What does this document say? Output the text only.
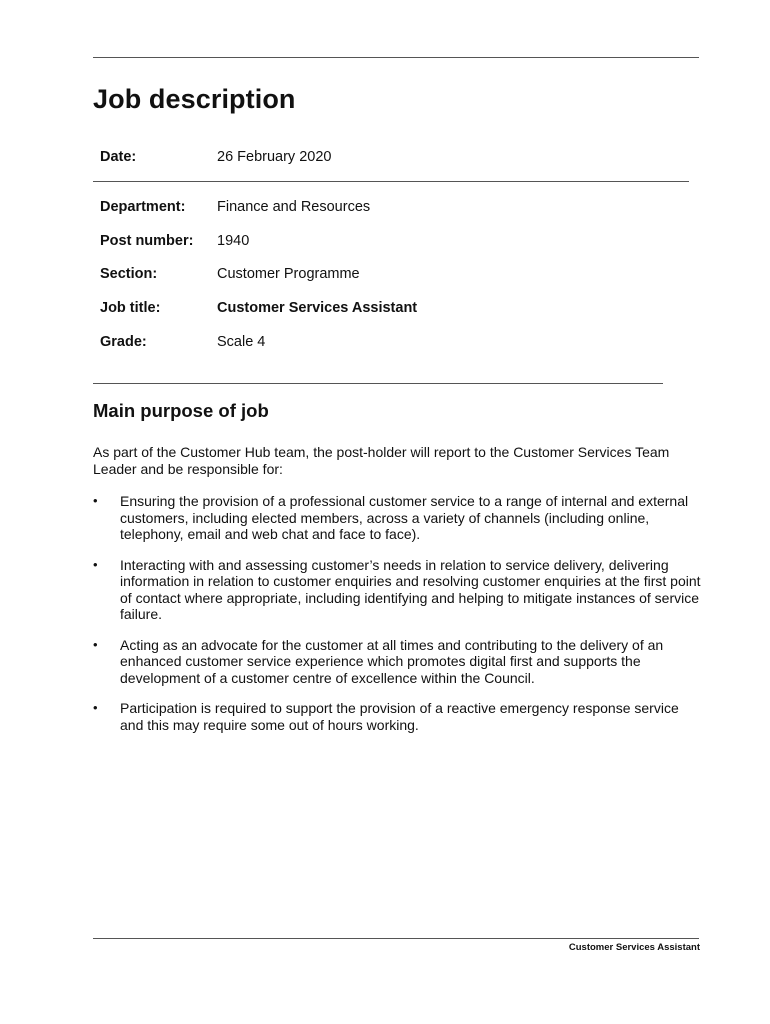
Job description
Date:	26 February 2020
Department: Finance and Resources
Post number: 1940
Section:	Customer Programme
Job title:	Customer Services Assistant
Grade:	Scale 4
Main purpose of job

As part of the Customer Hub team, the post-holder will report to the Customer Services Team Leader and be responsible for:

• Ensuring the provision of a professional customer service to a range of internal and external customers, including elected members, across a variety of channels (including online, telephony, email and web chat and face to face).
• Interacting with and assessing customer’s needs in relation to service delivery, delivering information in relation to customer enquiries and resolving customer enquiries at the first point of contact where appropriate, including identifying and helping to mitigate instances of service failure.
• Acting as an advocate for the customer at all times and contributing to the delivery of an enhanced customer service experience which promotes digital first and supports the development of a customer centre of excellence within the Council.
• Participation is required to support the provision of a reactive emergency response service and this may require some out of hours working.
Customer Services Assistant
